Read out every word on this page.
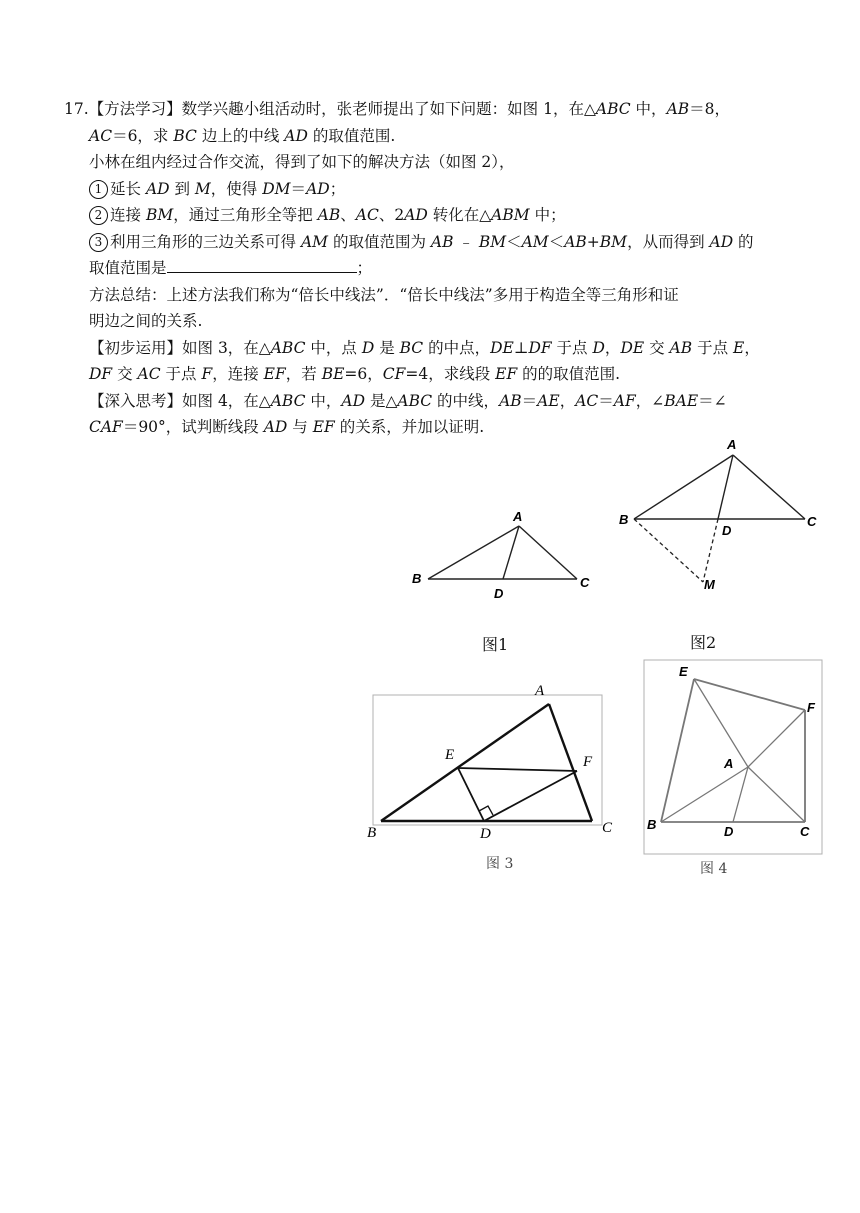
17.【方法学习】数学兴趣小组活动时，张老师提出了如下问题：如图 1，在△ABC 中，AB＝8，
AC＝6，求 BC 边上的中线 AD 的取值范围.
小林在组内经过合作交流，得到了如下的解决方法（如图 2），
1 延长 AD 到 M，使得 DM＝AD；
2 连接 BM，通过三角形全等把 AB、AC、2AD 转化在△ABM 中；
3 利用三角形的三边关系可得 AM 的取值范围为 AB ﹣ BM＜AM＜AB+BM，从而得到 AD 的
取值范围是	；
方法总结：上述方法我们称为“倍长中线法”．“倍长中线法”多用于构造全等三角形和证
明边之间的关系.
【初步运用】如图 3，在△ABC 中，点 D 是 BC 的中点，DE⊥DF 于点 D，DE 交 AB 于点 E，
DF 交 AC 于点 F，连接 EF，若 BE=6，CF=4，求线段 EF 的的取值范围.
【深入思考】如图 4，在△ABC 中，AD 是△ABC 的中线，AB＝AE，AC＝AF，∠BAE＝∠
CAF＝90°，试判断线段 AD 与 EF 的关系，并加以证明.
A
B	C
D
图1
A
B	C
D
M
图2
A
B	C
D
E	F
图 3
A
B	C
D
E
F
图 4
